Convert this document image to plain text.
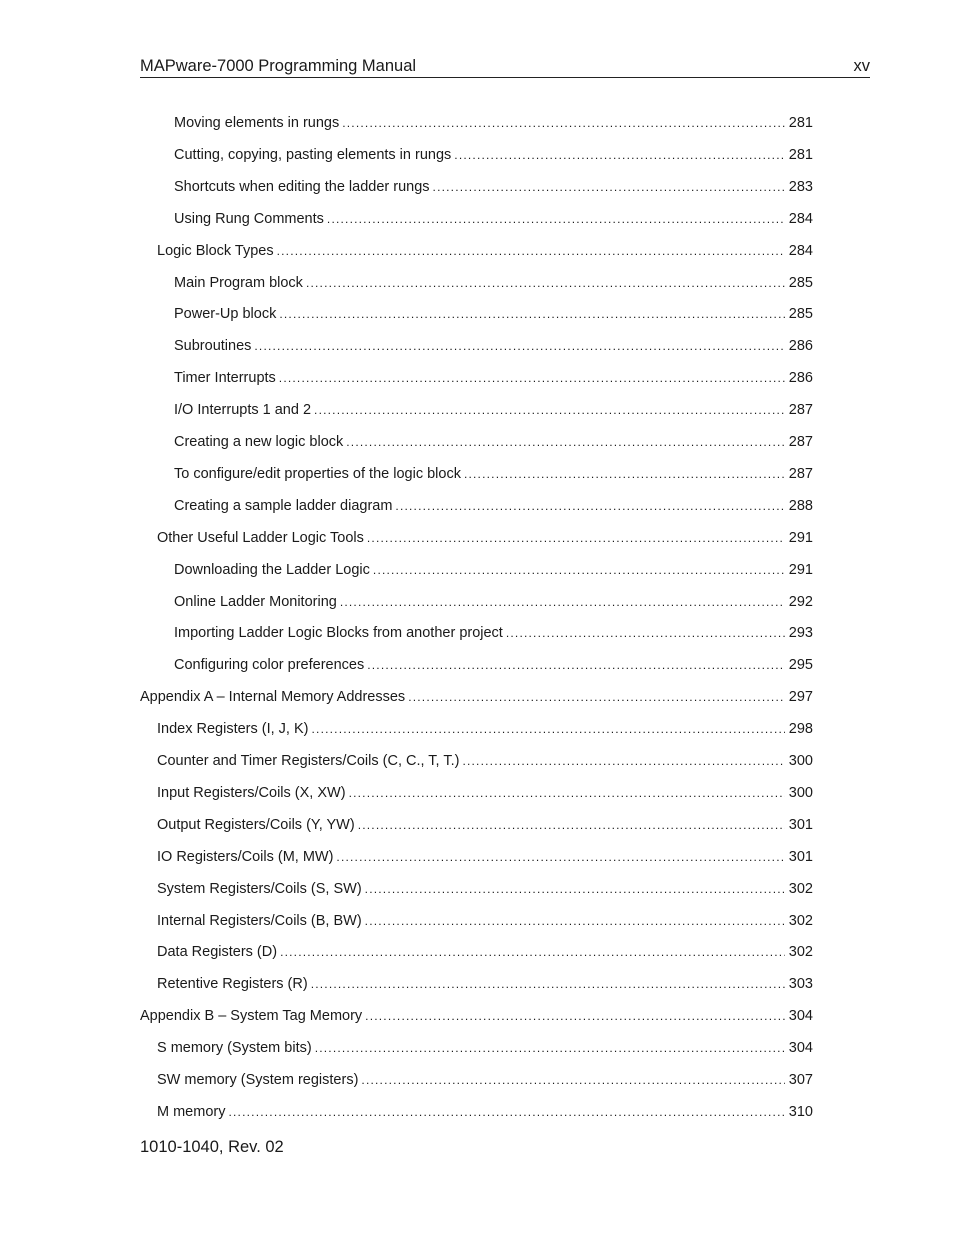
MAPware-7000 Programming Manual	xv
Moving elements in rungs .....	281
Cutting, copying, pasting elements in rungs .....	281
Shortcuts when editing the ladder rungs .....	283
Using Rung Comments .....	284
Logic Block Types .....	284
Main Program block .....	285
Power-Up block .....	285
Subroutines .....	286
Timer Interrupts .....	286
I/O Interrupts 1 and 2 .....	287
Creating a new logic block .....	287
To configure/edit properties of the logic block .....	287
Creating a sample ladder diagram .....	288
Other Useful Ladder Logic Tools .....	291
Downloading the Ladder Logic .....	291
Online Ladder Monitoring .....	292
Importing Ladder Logic Blocks from another project .....	293
Configuring color preferences .....	295
Appendix A – Internal Memory Addresses .....	297
Index Registers (I, J, K) .....	298
Counter and Timer Registers/Coils (C, C., T, T.) .....	300
Input Registers/Coils (X, XW) .....	300
Output Registers/Coils (Y, YW) .....	301
IO Registers/Coils (M, MW) .....	301
System Registers/Coils (S, SW) .....	302
Internal Registers/Coils (B, BW) .....	302
Data Registers (D) .....	302
Retentive Registers (R) .....	303
Appendix B – System Tag Memory .....	304
S memory (System bits) .....	304
SW memory (System registers) .....	307
M memory .....	310
1010-1040, Rev. 02
